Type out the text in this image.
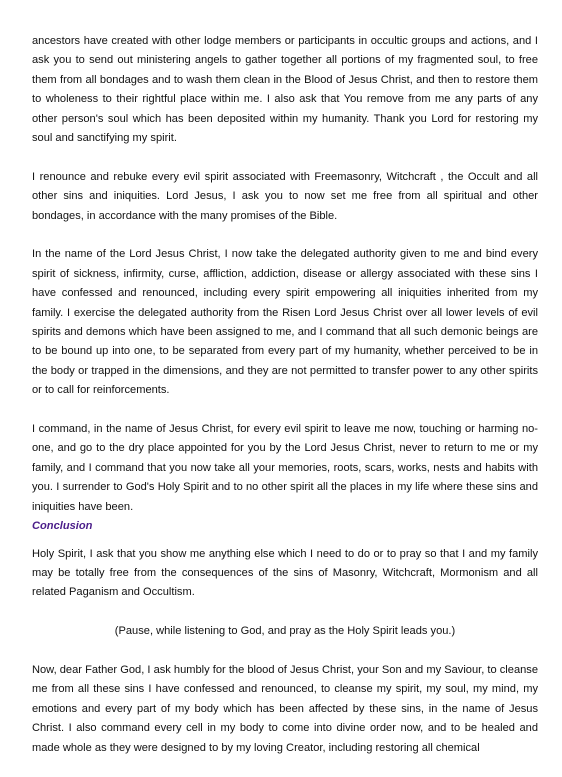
ancestors have created with other lodge members or participants in occultic groups and actions, and I ask you to send out ministering angels to gather together all portions of my fragmented soul, to free them from all bondages and to wash them clean in the Blood of Jesus Christ, and then to restore them to wholeness to their rightful place within me. I also ask that You remove from me any parts of any other person's soul which has been deposited within my humanity. Thank you Lord for restoring my soul and sanctifying my spirit.

I renounce and rebuke every evil spirit associated with Freemasonry, Witchcraft , the Occult and all other sins and iniquities. Lord Jesus, I ask you to now set me free from all spiritual and other bondages, in accordance with the many promises of the Bible.

In the name of the Lord Jesus Christ, I now take the delegated authority given to me and bind every spirit of sickness, infirmity, curse, affliction, addiction, disease or allergy associated with these sins I have confessed and renounced, including every spirit empowering all iniquities inherited from my family. I exercise the delegated authority from the Risen Lord Jesus Christ over all lower levels of evil spirits and demons which have been assigned to me, and I command that all such demonic beings are to be bound up into one, to be separated from every part of my humanity, whether perceived to be in the body or trapped in the dimensions, and they are not permitted to transfer power to any other spirits or to call for reinforcements.

I command, in the name of Jesus Christ, for every evil spirit to leave me now, touching or harming no-one, and go to the dry place appointed for you by the Lord Jesus Christ, never to return to me or my family, and I command that you now take all your memories, roots, scars, works, nests and habits with you. I surrender to God's Holy Spirit and to no other spirit all the places in my life where these sins and iniquities have been.

Conclusion

Holy Spirit, I ask that you show me anything else which I need to do or to pray so that I and my family may be totally free from the consequences of the sins of Masonry, Witchcraft, Mormonism and all related Paganism and Occultism.

(Pause, while listening to God, and pray as the Holy Spirit leads you.)

Now, dear Father God, I ask humbly for the blood of Jesus Christ, your Son and my Saviour, to cleanse me from all these sins I have confessed and renounced, to cleanse my spirit, my soul, my mind, my emotions and every part of my body which has been affected by these sins, in the name of Jesus Christ. I also command every cell in my body to come into divine order now, and to be healed and made whole as they were designed to by my loving Creator, including restoring all chemical
